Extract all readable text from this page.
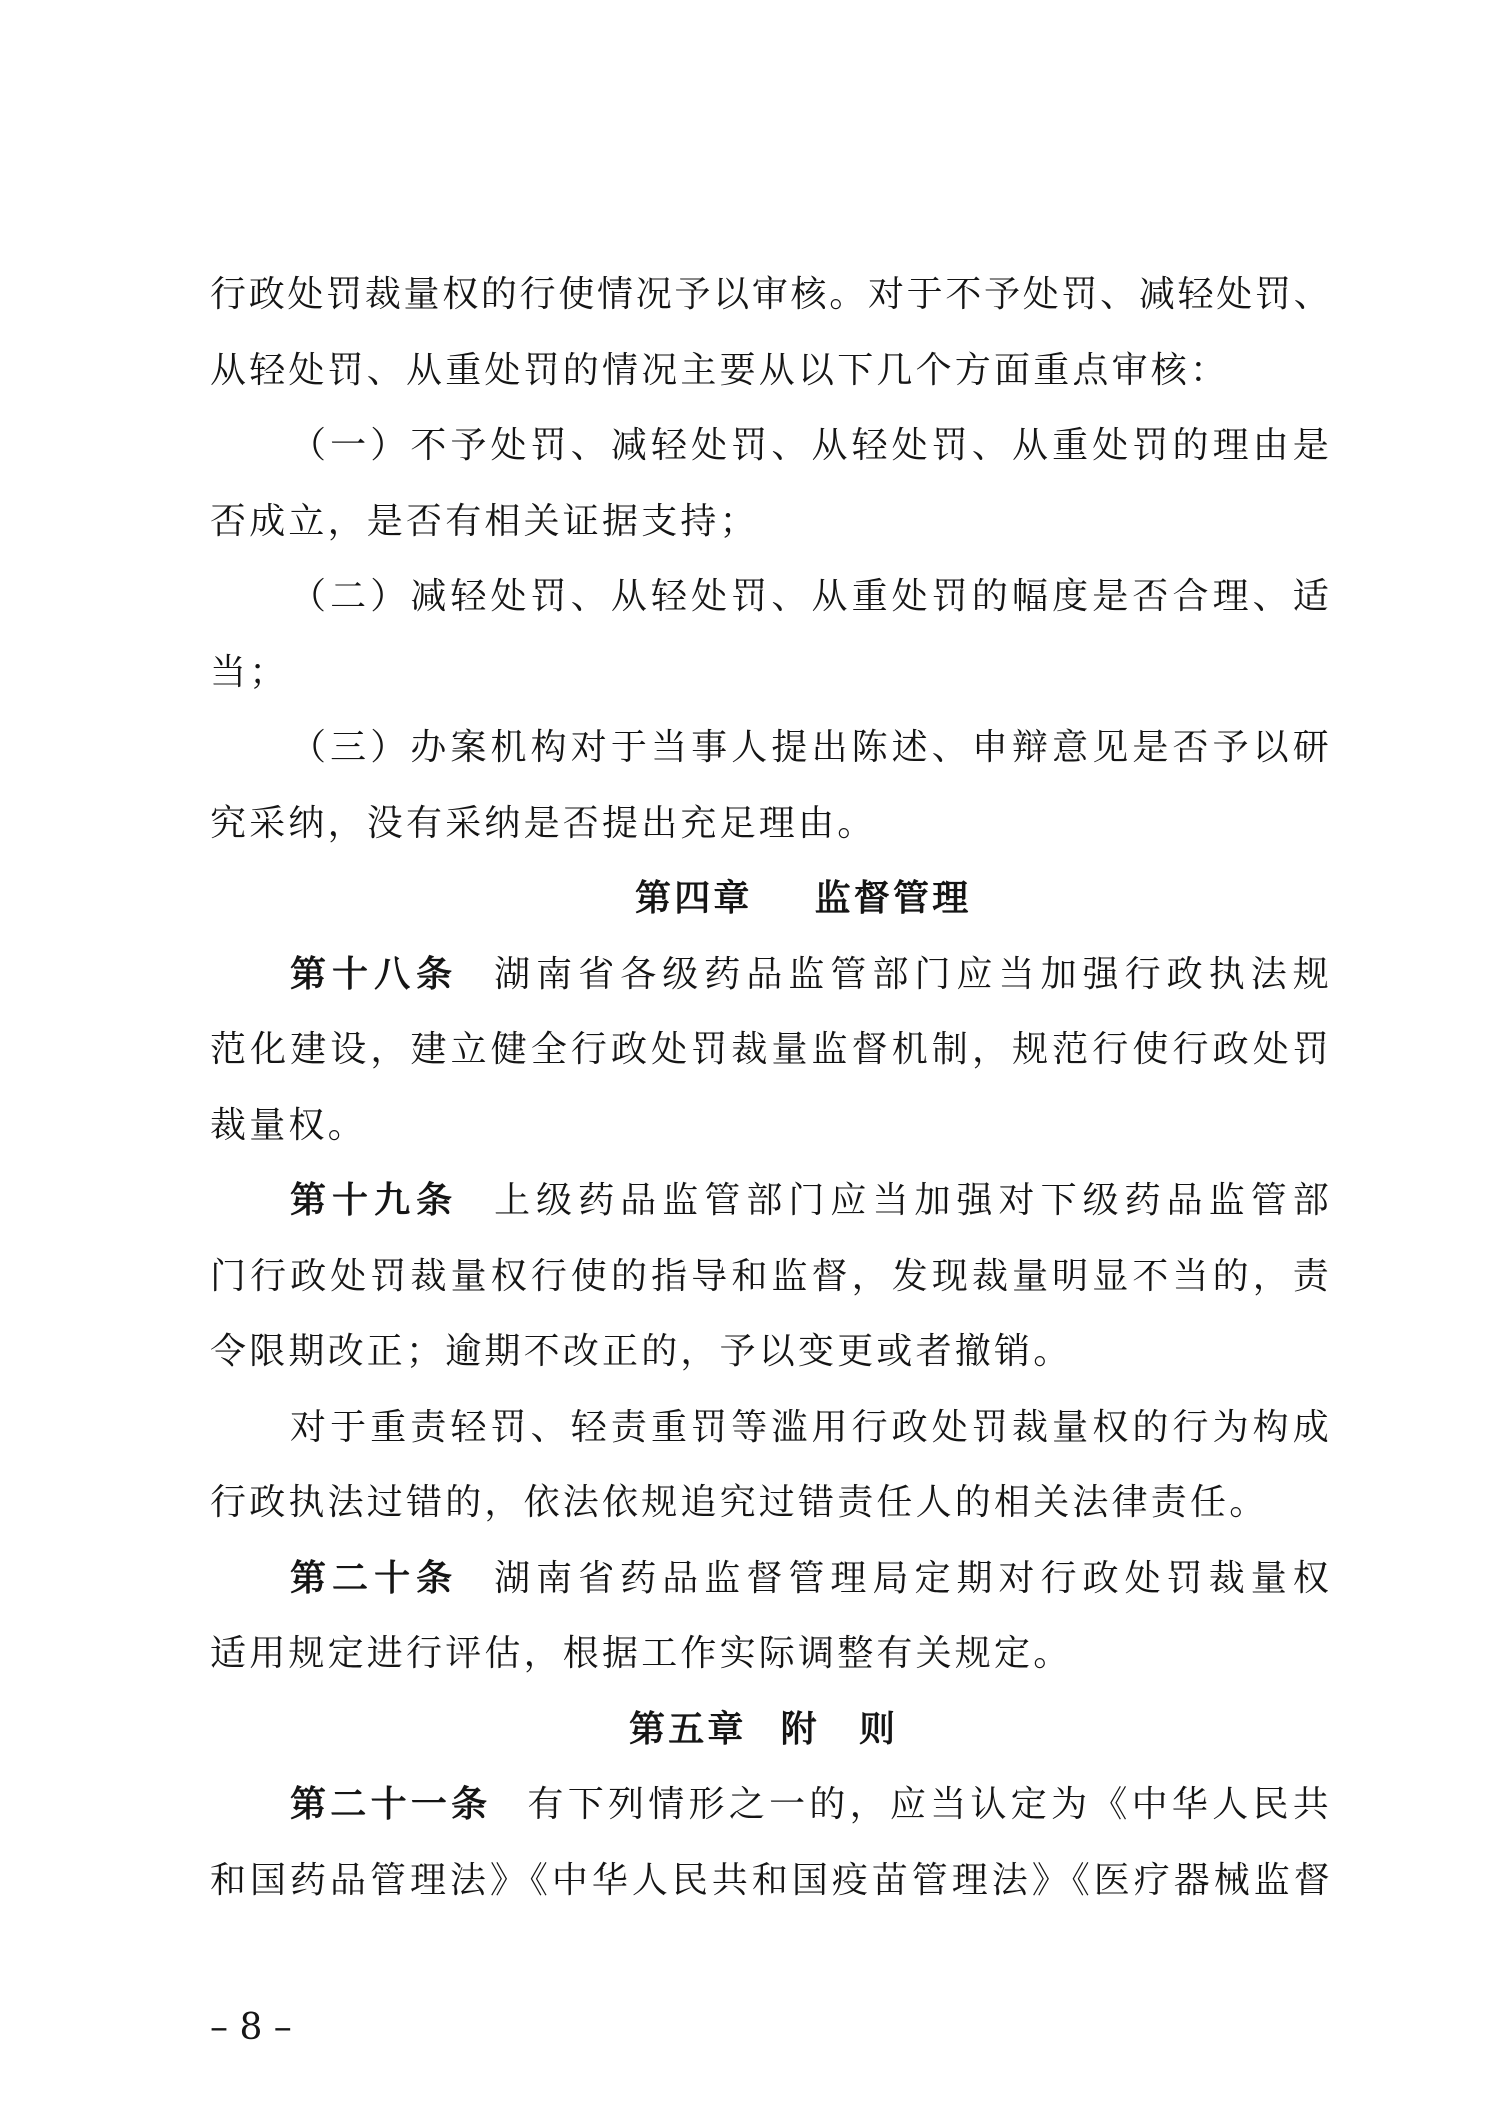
行政处罚裁量权的行使情况予以审核。对于不予处罚、减轻处罚、
从轻处罚、从重处罚的情况主要从以下几个方面重点审核：
（一）不予处罚、减轻处罚、从轻处罚、从重处罚的理由是
否成立，是否有相关证据支持；
（二）减轻处罚、从轻处罚、从重处罚的幅度是否合理、适
当；
（三）办案机构对于当事人提出陈述、申辩意见是否予以研
究采纳，没有采纳是否提出充足理由。
第四章 监督管理
第十八条 湖南省各级药品监管部门应当加强行政执法规
范化建设，建立健全行政处罚裁量监督机制，规范行使行政处罚
裁量权。
第十九条 上级药品监管部门应当加强对下级药品监管部
门行政处罚裁量权行使的指导和监督，发现裁量明显不当的，责
令限期改正；逾期不改正的，予以变更或者撤销。
对于重责轻罚、轻责重罚等滥用行政处罚裁量权的行为构成
行政执法过错的，依法依规追究过错责任人的相关法律责任。
第二十条 湖南省药品监督管理局定期对行政处罚裁量权
适用规定进行评估，根据工作实际调整有关规定。
第五章 附　则
第二十一条 有下列情形之一的，应当认定为《中华人民共
和国药品管理法》《中华人民共和国疫苗管理法》《医疗器械监督
– 8 –
